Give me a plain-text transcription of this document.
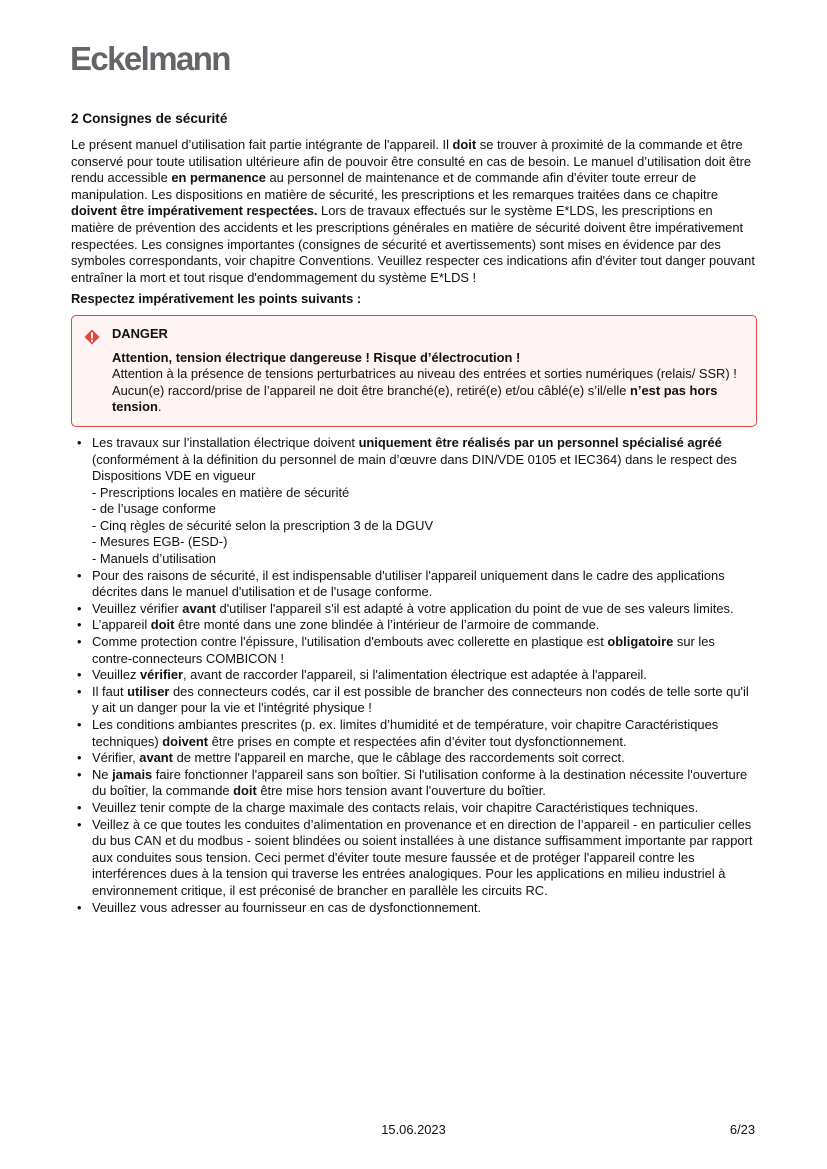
Eckelmann
2 Consignes de sécurité

Le présent manuel d’utilisation fait partie intégrante de l'appareil. Il doit se trouver à proximité de la commande et être conservé pour toute utilisation ultérieure afin de pouvoir être consulté en cas de besoin. Le manuel d’utilisation doit être rendu accessible en permanence au personnel de maintenance et de commande afin d'éviter toute erreur de manipulation. Les dispositions en matière de sécurité, les prescriptions et les remarques traitées dans ce chapitre doivent être impérativement respectées. Lors de travaux effectués sur le système E*LDS, les prescriptions en matière de prévention des accidents et les prescriptions générales en matière de sécurité doivent être impérativement respectées. Les consignes importantes (consignes de sécurité et avertissements) sont mises en évidence par des symboles correspondants, voir chapitre Conventions. Veuillez respecter ces indications afin d'éviter tout danger pouvant entraîner la mort et tout risque d'endommagement du système E*LDS !

Respectez impérativement les points suivants :

DANGER

Attention, tension électrique dangereuse ! Risque d’électrocution !
Attention à la présence de tensions perturbatrices au niveau des entrées et sorties numériques (relais/ SSR) ! Aucun(e) raccord/prise de l’appareil ne doit être branché(e), retiré(e) et/ou câblé(e) s’il/elle n’est pas hors tension.

• Les travaux sur l’installation électrique doivent uniquement être réalisés par un personnel spécialisé agréé (conformément à la définition du personnel de main d’œuvre dans DIN/VDE 0105 et IEC364) dans le respect des
Dispositions VDE en vigueur
- Prescriptions locales en matière de sécurité
- de l’usage conforme
- Cinq règles de sécurité selon la prescription 3 de la DGUV
- Mesures EGB- (ESD-)
- Manuels d’utilisation
• Pour des raisons de sécurité, il est indispensable d'utiliser l'appareil uniquement dans le cadre des applications décrites dans le manuel d'utilisation et de l'usage conforme.
• Veuillez vérifier avant d'utiliser l'appareil s'il est adapté à votre application du point de vue de ses valeurs limites.
• L’appareil doit être monté dans une zone blindée à l’intérieur de l’armoire de commande.
• Comme protection contre l'épissure, l'utilisation d'embouts avec collerette en plastique est obligatoire sur les contre-connecteurs COMBICON !
• Veuillez vérifier, avant de raccorder l'appareil, si l'alimentation électrique est adaptée à l'appareil.
• Il faut utiliser des connecteurs codés, car il est possible de brancher des connecteurs non codés de telle sorte qu'il y ait un danger pour la vie et l'intégrité physique !
• Les conditions ambiantes prescrites (p. ex. limites d’humidité et de température, voir chapitre Caractéristiques techniques) doivent être prises en compte et respectées afin d’éviter tout dysfonctionnement.
• Vérifier, avant de mettre l'appareil en marche, que le câblage des raccordements soit correct.
• Ne jamais faire fonctionner l'appareil sans son boîtier. Si l'utilisation conforme à la destination nécessite l'ouverture du boîtier, la commande doit être mise hors tension avant l'ouverture du boîtier.
• Veuillez tenir compte de la charge maximale des contacts relais, voir chapitre Caractéristiques techniques.
• Veillez à ce que toutes les conduites d’alimentation en provenance et en direction de l’appareil - en particulier celles du bus CAN et du modbus - soient blindées ou soient installées à une distance suffisamment importante par rapport aux conduites sous tension. Ceci permet d'éviter toute mesure faussée et de protéger l'appareil contre les interférences dues à la tension qui traverse les entrées analogiques. Pour les applications en milieu industriel à environnement critique, il est préconisé de brancher en parallèle les circuits RC.
• Veuillez vous adresser au fournisseur en cas de dysfonctionnement.
15.06.2023	6/23
